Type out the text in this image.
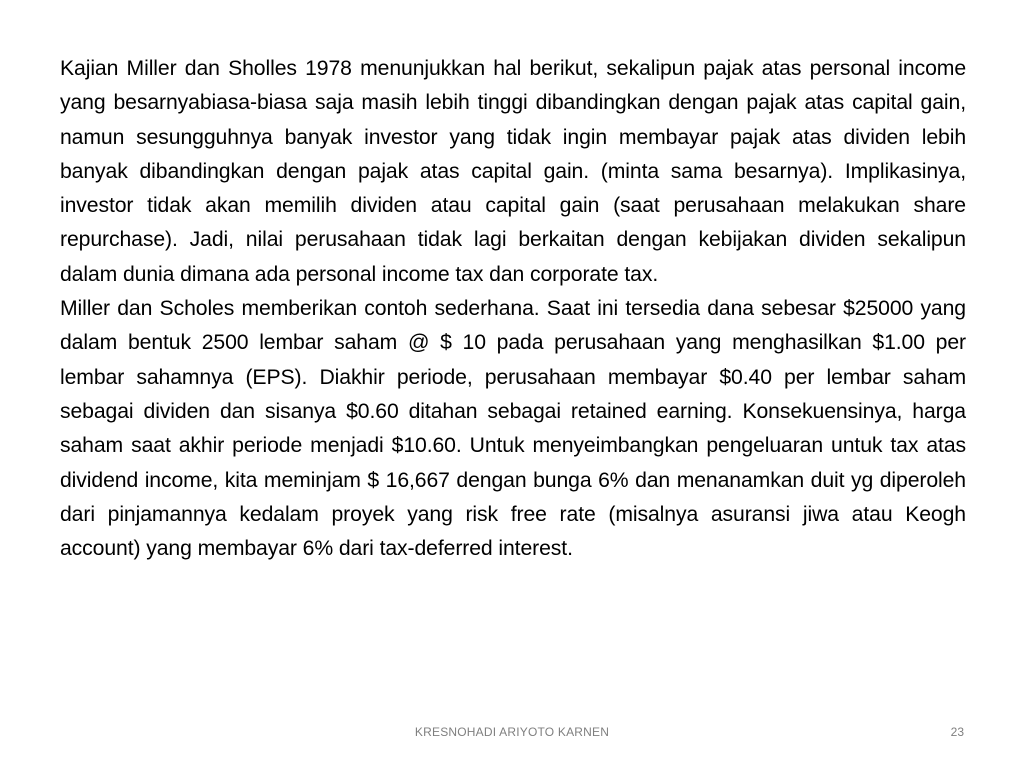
Kajian Miller dan Sholles 1978 menunjukkan hal berikut, sekalipun pajak atas personal income yang besarnyabiasa-biasa saja masih lebih tinggi dibandingkan dengan pajak atas capital gain, namun sesungguhnya banyak investor yang tidak ingin membayar pajak atas dividen lebih banyak dibandingkan dengan pajak atas capital gain. (minta sama besarnya). Implikasinya, investor tidak akan memilih dividen atau capital gain (saat perusahaan melakukan share repurchase). Jadi, nilai perusahaan tidak lagi berkaitan dengan kebijakan dividen sekalipun dalam dunia dimana ada personal income tax dan corporate tax.

Miller dan Scholes memberikan contoh sederhana. Saat ini tersedia dana sebesar $25000 yang dalam bentuk 2500 lembar saham @ $ 10 pada perusahaan yang menghasilkan $1.00 per lembar sahamnya (EPS). Diakhir periode, perusahaan membayar $0.40 per lembar saham sebagai dividen dan sisanya $0.60 ditahan sebagai retained earning. Konsekuensinya, harga saham saat akhir periode menjadi $10.60. Untuk menyeimbangkan pengeluaran untuk tax atas dividend income, kita meminjam $ 16,667 dengan bunga 6% dan menanamkan duit yg diperoleh dari pinjamannya kedalam proyek yang risk free rate (misalnya asuransi jiwa atau Keogh account) yang membayar 6% dari tax-deferred interest.

KRESNOHADI ARIYOTO KARNEN	23
